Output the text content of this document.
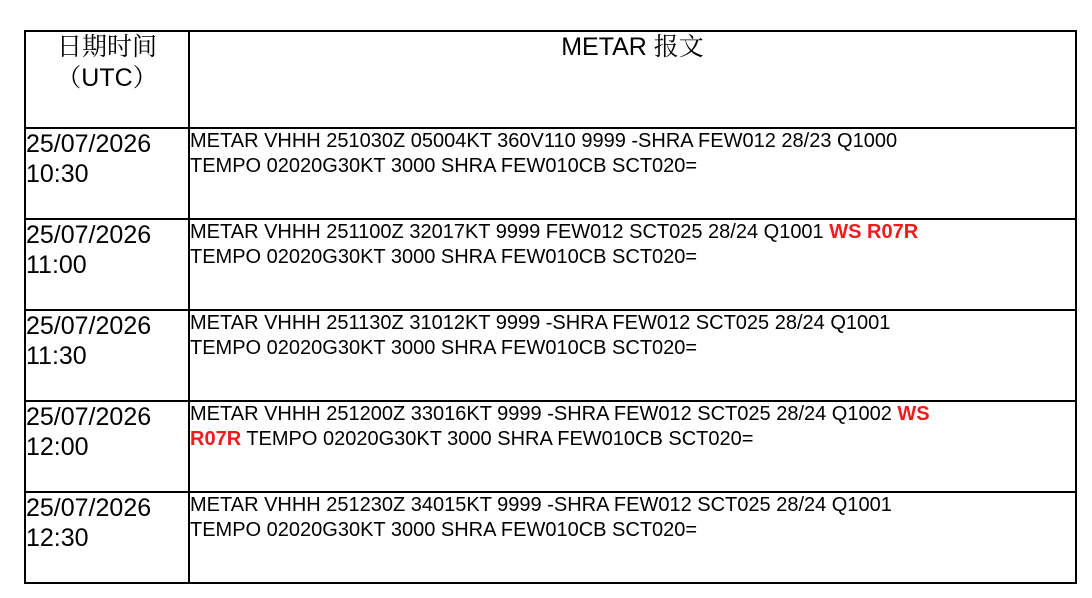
日期时间
（UTC）	METAR 报文

25/07/2026
10:30	METAR VHHH 251030Z 05004KT 360V110 9999 -SHRA FEW012 28/23 Q1000
TEMPO 02020G30KT 3000 SHRA FEW010CB SCT020=

25/07/2026
11:00	METAR VHHH 251100Z 32017KT 9999 FEW012 SCT025 28/24 Q1001 WS R07R
TEMPO 02020G30KT 3000 SHRA FEW010CB SCT020=

25/07/2026
11:30	METAR VHHH 251130Z 31012KT 9999 -SHRA FEW012 SCT025 28/24 Q1001
TEMPO 02020G30KT 3000 SHRA FEW010CB SCT020=

25/07/2026
12:00	METAR VHHH 251200Z 33016KT 9999 -SHRA FEW012 SCT025 28/24 Q1002 WS
R07R TEMPO 02020G30KT 3000 SHRA FEW010CB SCT020=

25/07/2026
12:30	METAR VHHH 251230Z 34015KT 9999 -SHRA FEW012 SCT025 28/24 Q1001
TEMPO 02020G30KT 3000 SHRA FEW010CB SCT020=
